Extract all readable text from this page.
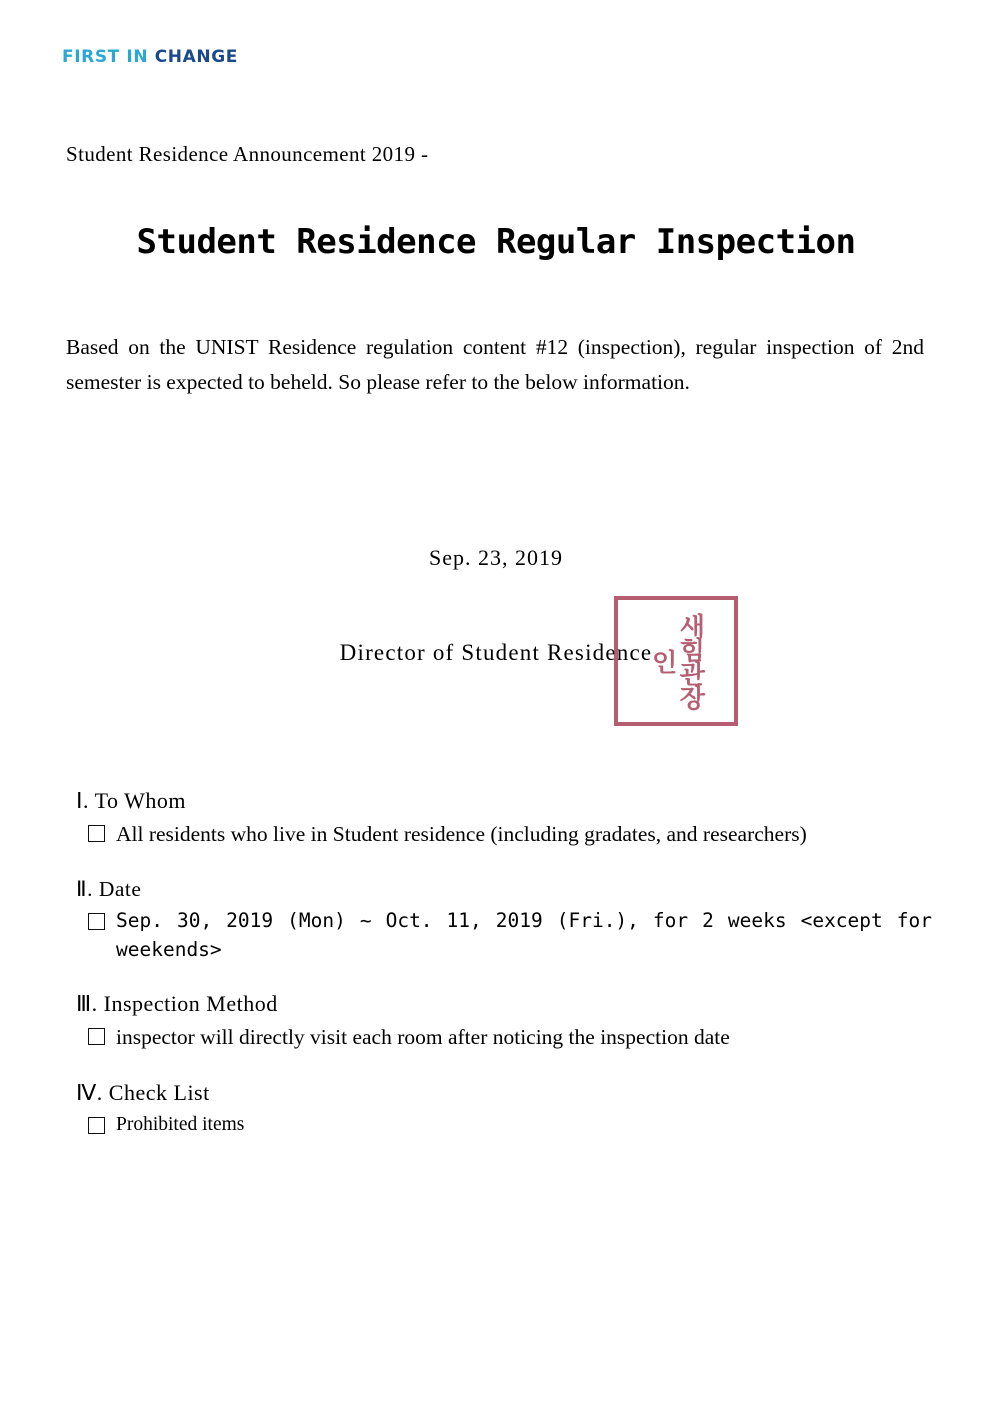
FIRST IN CHANGE
Student Residence Announcement 2019 -
Student Residence Regular Inspection
Based on the UNIST Residence regulation content #12 (inspection), regular inspection of 2nd semester is expected to beheld. So please refer to the below information.
Sep. 23, 2019
Director of Student Residence 새힘관장인
Ⅰ. To Whom
All residents who live in Student residence (including gradates, and researchers)
Ⅱ. Date
Sep. 30, 2019 (Mon) ~ Oct. 11, 2019 (Fri.), for 2 weeks <except for weekends>
Ⅲ. Inspection Method
inspector will directly visit each room after noticing the inspection date
Ⅳ. Check List
Prohibited items
